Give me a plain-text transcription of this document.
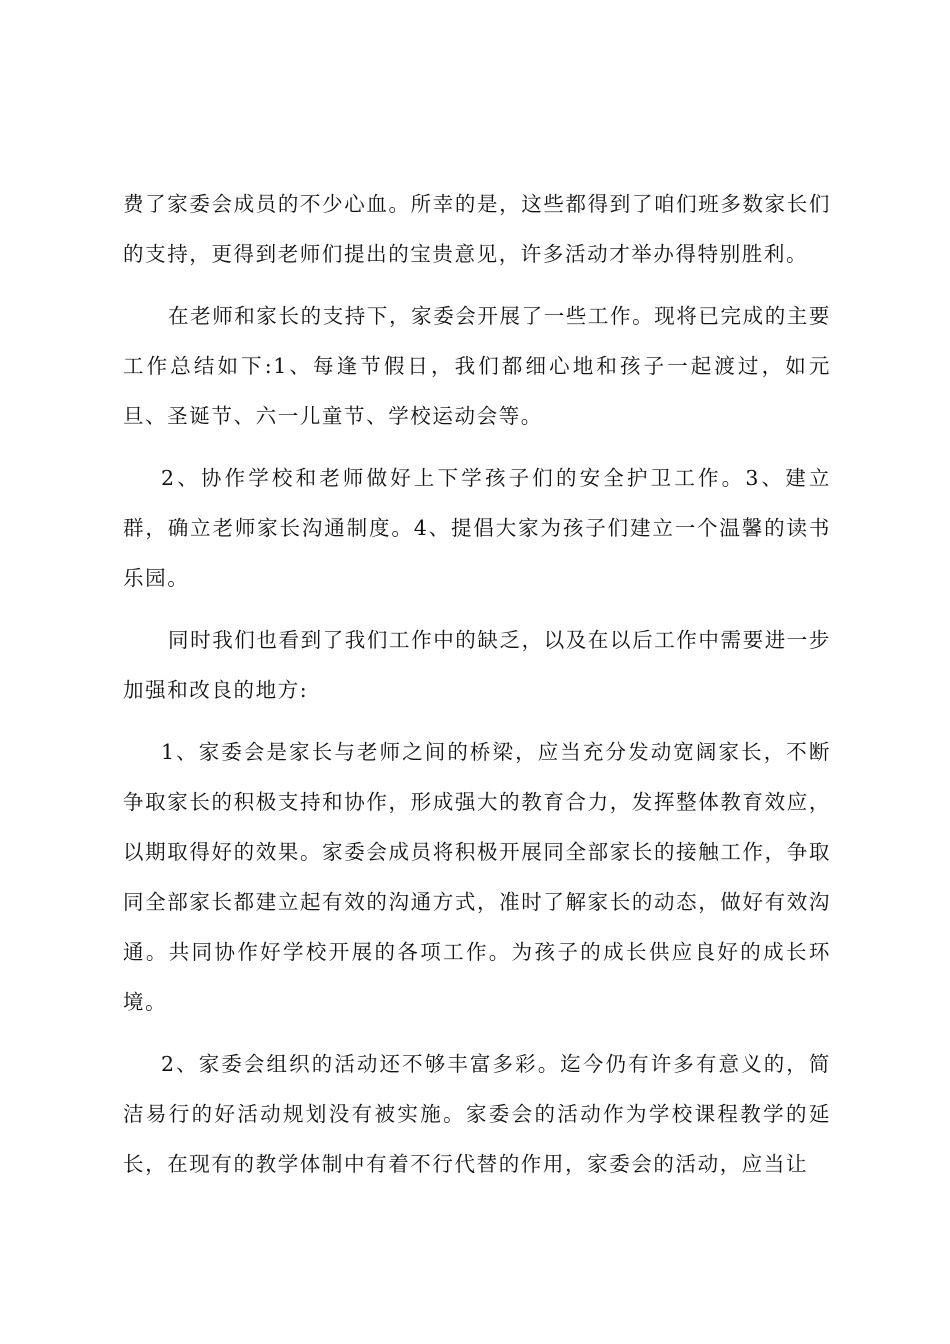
费了家委会成员的不少心血。所幸的是，这些都得到了咱们班多数家长们的支持，更得到老师们提出的宝贵意见，许多活动才举办得特别胜利。

在老师和家长的支持下，家委会开展了一些工作。现将已完成的主要工作总结如下:1、每逢节假日，我们都细心地和孩子一起渡过，如元旦、圣诞节、六一儿童节、学校运动会等。

2、协作学校和老师做好上下学孩子们的安全护卫工作。3、建立群，确立老师家长沟通制度。4、提倡大家为孩子们建立一个温馨的读书乐园。

同时我们也看到了我们工作中的缺乏，以及在以后工作中需要进一步加强和改良的地方:

1、家委会是家长与老师之间的桥梁，应当充分发动宽阔家长，不断争取家长的积极支持和协作，形成强大的教育合力，发挥整体教育效应，以期取得好的效果。家委会成员将积极开展同全部家长的接触工作，争取同全部家长都建立起有效的沟通方式，准时了解家长的动态，做好有效沟通。共同协作好学校开展的各项工作。为孩子的成长供应良好的成长环境。

2、家委会组织的活动还不够丰富多彩。迄今仍有许多有意义的，简洁易行的好活动规划没有被实施。家委会的活动作为学校课程教学的延长，在现有的教学体制中有着不行代替的作用，家委会的活动，应当让
